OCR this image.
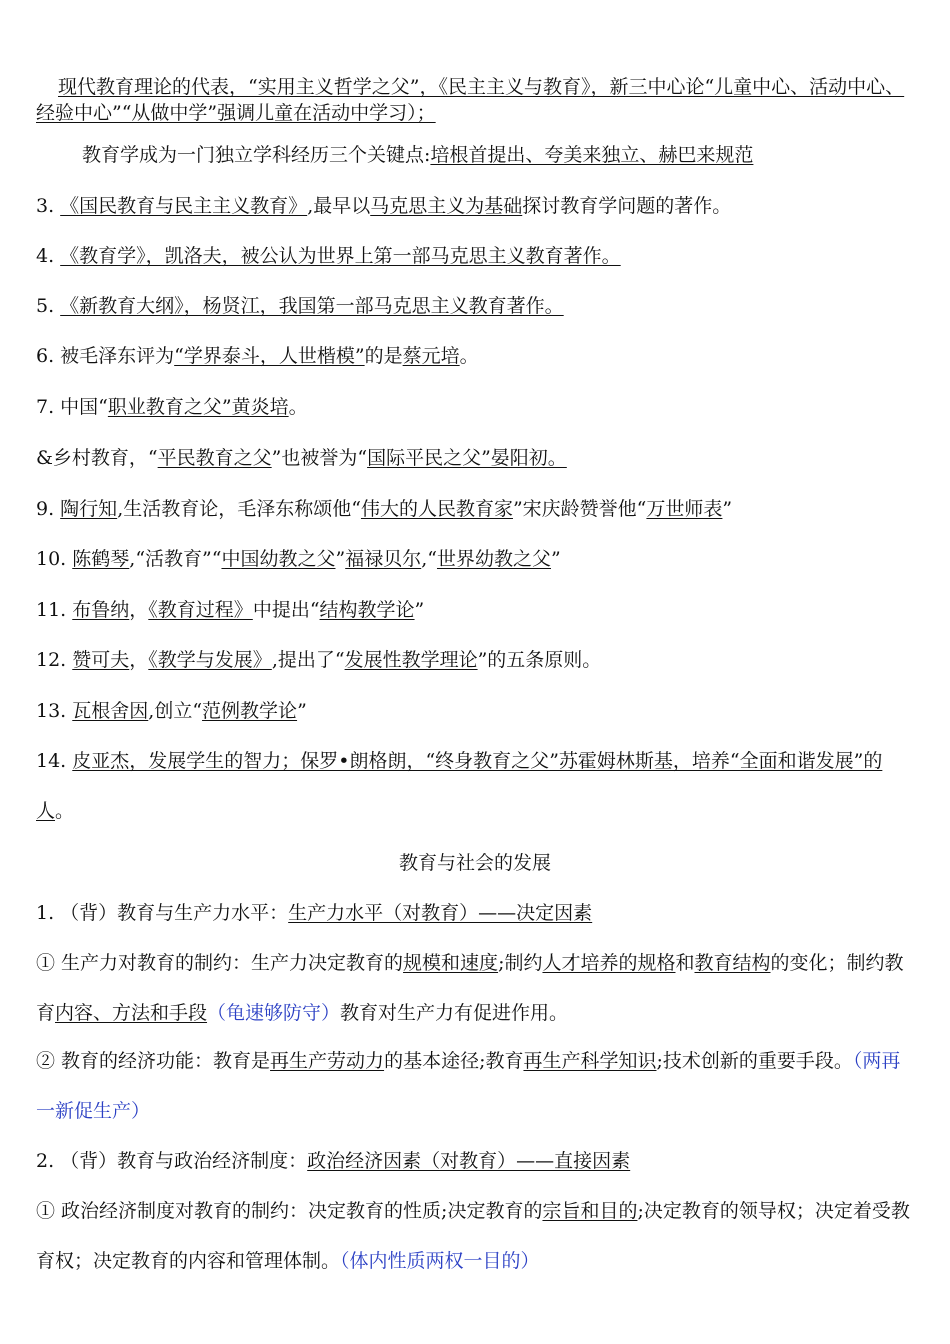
现代教育理论的代表，“实用主义哲学之父”，《民主主义与教育》，新三中心论“儿童中心、活动中心、经验中心”“从做中学”强调儿童在活动中学习）；
教育学成为一门独立学科经历三个关键点:培根首提出、夸美来独立、赫巴来规范
3. 《国民教育与民主主义教育》,最早以马克思主义为基础探讨教育学问题的著作。
4. 《教育学》，凯洛夫，被公认为世界上第一部马克思主义教育著作。
5. 《新教育大纲》，杨贤江，我国第一部马克思主义教育著作。
6. 被毛泽东评为“学界泰斗，人世楷模”的是蔡元培。
7. 中国“职业教育之父”黄炎培。
&乡村教育，“平民教育之父”也被誉为“国际平民之父”晏阳初。
9. 陶行知,生活教育论，毛泽东称颂他“伟大的人民教育家”宋庆龄赞誉他“万世师表”
10. 陈鹤琴,“活教育”“中国幼教之父”福禄贝尔,“世界幼教之父”
11. 布鲁纳，《教育过程》中提出“结构教学论”
12. 赞可夫，《教学与发展》,提出了“发展性教学理论”的五条原则。
13. 瓦根舍因,创立“范例教学论”
14. 皮亚杰，发展学生的智力；保罗•朗格朗，“终身教育之父”苏霍姆林斯基，培养“全面和谐发展”的人。
教育与社会的发展
1. （背）教育与生产力水平：生产力水平（对教育）——决定因素
① 生产力对教育的制约：生产力决定教育的规模和速度;制约人才培养的规格和教育结构的变化；制约教育内容、方法和手段（龟速够防守）教育对生产力有促进作用。
② 教育的经济功能：教育是再生产劳动力的基本途径;教育再生产科学知识;技术创新的重要手段。（两再一新促生产）
2. （背）教育与政治经济制度：政治经济因素（对教育）——直接因素
① 政治经济制度对教育的制约：决定教育的性质;决定教育的宗旨和目的;决定教育的领导权；决定着受教育权；决定教育的内容和管理体制。（体内性质两权一目的）
